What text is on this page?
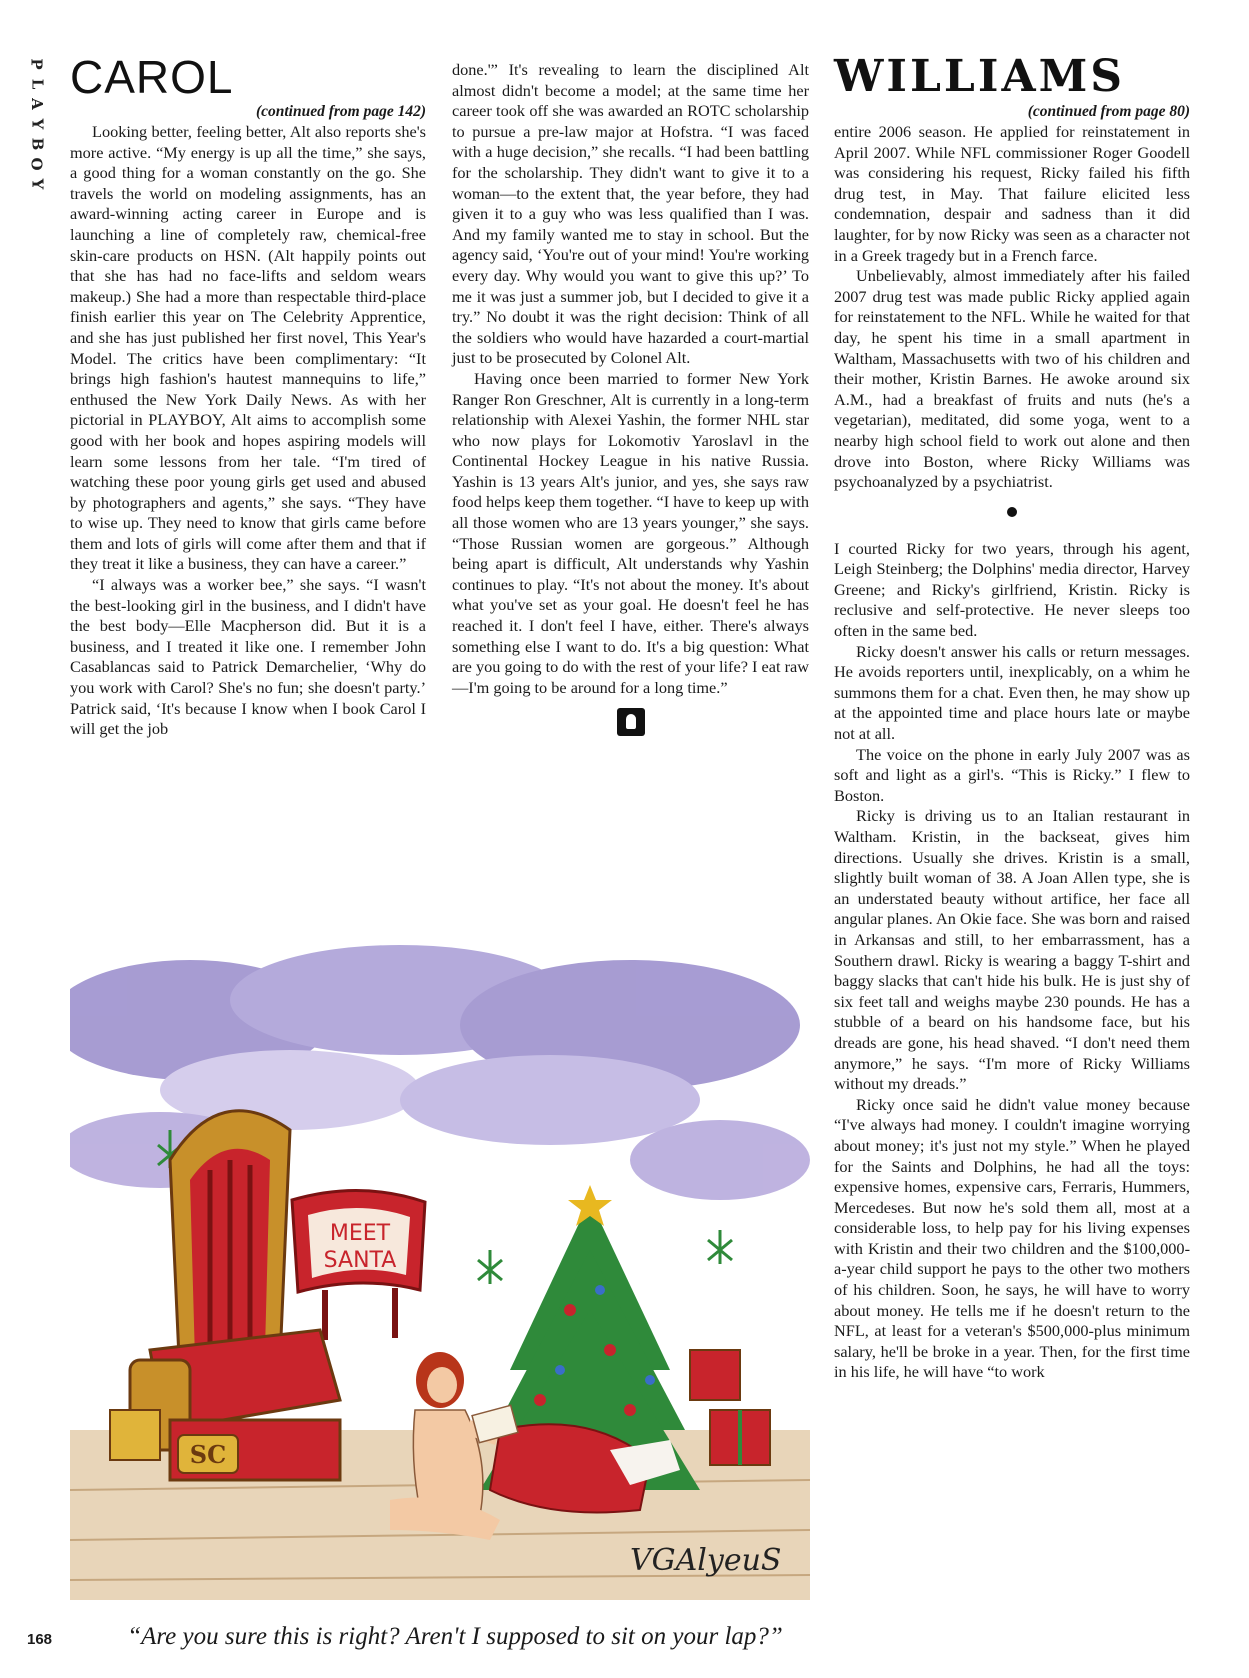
P
L
A
Y
B
O
Y
CAROL

(continued from page 142)

Looking better, feeling better, Alt also reports she's more active. “My energy is up all the time,” she says, a good thing for a woman constantly on the go. She travels the world on modeling assignments, has an award-winning acting career in Europe and is launching a line of completely raw, chemical-free skin-care products on HSN. (Alt happily points out that she has had no face-lifts and seldom wears makeup.) She had a more than respectable third-place finish earlier this year on The Celebrity Apprentice, and she has just published her first novel, This Year's Model. The critics have been complimentary: “It brings high fashion's hautest mannequins to life,” enthused the New York Daily News. As with her pictorial in PLAYBOY, Alt aims to accomplish some good with her book and hopes aspiring models will learn some lessons from her tale. “I'm tired of watching these poor young girls get used and abused by photographers and agents,” she says. “They have to wise up. They need to know that girls came before them and lots of girls will come after them and that if they treat it like a business, they can have a career.”

“I always was a worker bee,” she says. “I wasn't the best-looking girl in the business, and I didn't have the best body—Elle Macpherson did. But it is a business, and I treated it like one. I remember John Casablancas said to Patrick Demarchelier, ‘Why do you work with Carol? She's no fun; she doesn't party.’ Patrick said, ‘It's because I know when I book Carol I will get the job

done.'” It's revealing to learn the disciplined Alt almost didn't become a model; at the same time her career took off she was awarded an ROTC scholarship to pursue a pre-law major at Hofstra. “I was faced with a huge decision,” she recalls. “I had been battling for the scholarship. They didn't want to give it to a woman—to the extent that, the year before, they had given it to a guy who was less qualified than I was. And my family wanted me to stay in school. But the agency said, ‘You're out of your mind! You're working every day. Why would you want to give this up?’ To me it was just a summer job, but I decided to give it a try.” No doubt it was the right decision: Think of all the soldiers who would have hazarded a court-martial just to be prosecuted by Colonel Alt.

Having once been married to former New York Ranger Ron Greschner, Alt is currently in a long-term relationship with Alexei Yashin, the former NHL star who now plays for Lokomotiv Yaroslavl in the Continental Hockey League in his native Russia. Yashin is 13 years Alt's junior, and yes, she says raw food helps keep them together. “I have to keep up with all those women who are 13 years younger,” she says. “Those Russian women are gorgeous.” Although being apart is difficult, Alt understands why Yashin continues to play. “It's not about the money. It's about what you've set as your goal. He doesn't feel he has reached it. I don't feel I have, either. There's always something else I want to do. It's a big question: What are you going to do with the rest of your life? I eat raw—I'm going to be around for a long time.”

WILLIAMS

(continued from page 80)

entire 2006 season. He applied for reinstatement in April 2007. While NFL commissioner Roger Goodell was considering his request, Ricky failed his fifth drug test, in May. That failure elicited less condemnation, despair and sadness than it did laughter, for by now Ricky was seen as a character not in a Greek tragedy but in a French farce.

Unbelievably, almost immediately after his failed 2007 drug test was made public Ricky applied again for reinstatement to the NFL. While he waited for that day, he spent his time in a small apartment in Waltham, Massachusetts with two of his children and their mother, Kristin Barnes. He awoke around six A.M., had a breakfast of fruits and nuts (he's a vegetarian), meditated, did some yoga, went to a nearby high school field to work out alone and then drove into Boston, where Ricky Williams was psychoanalyzed by a psychiatrist.

I courted Ricky for two years, through his agent, Leigh Steinberg; the Dolphins' media director, Harvey Greene; and Ricky's girlfriend, Kristin. Ricky is reclusive and self-protective. He never sleeps too often in the same bed.

Ricky doesn't answer his calls or return messages. He avoids reporters until, inexplicably, on a whim he summons them for a chat. Even then, he may show up at the appointed time and place hours late or maybe not at all.

The voice on the phone in early July 2007 was as soft and light as a girl's. “This is Ricky.” I flew to Boston.

Ricky is driving us to an Italian restaurant in Waltham. Kristin, in the backseat, gives him directions. Usually she drives. Kristin is a small, slightly built woman of 38. A Joan Allen type, she is an understated beauty without artifice, her face all angular planes. An Okie face. She was born and raised in Arkansas and still, to her embarrassment, has a Southern drawl. Ricky is wearing a baggy T-shirt and baggy slacks that can't hide his bulk. He is just shy of six feet tall and weighs maybe 230 pounds. He has a stubble of a beard on his handsome face, but his dreads are gone, his head shaved. “I don't need them anymore,” he says. “I'm more of Ricky Williams without my dreads.”

Ricky once said he didn't value money because “I've always had money. I couldn't imagine worrying about money; it's just not my style.” When he played for the Saints and Dolphins, he had all the toys: expensive homes, expensive cars, Ferraris, Hummers, Mercedeses. But now he's sold them all, most at a considerable loss, to help pay for his living expenses with Kristin and their two children and the $100,000-a-year child support he pays to the other two mothers of his children. Soon, he says, he will have to worry about money. He tells me if he doesn't return to the NFL, at least for a veteran's $500,000-plus minimum salary, he'll be broke in a year. Then, for the first time in his life, he will have “to work

MEET
SANTA
SC
VGAlyeuS
168	“Are you sure this is right? Aren't I supposed to sit on your lap?”
